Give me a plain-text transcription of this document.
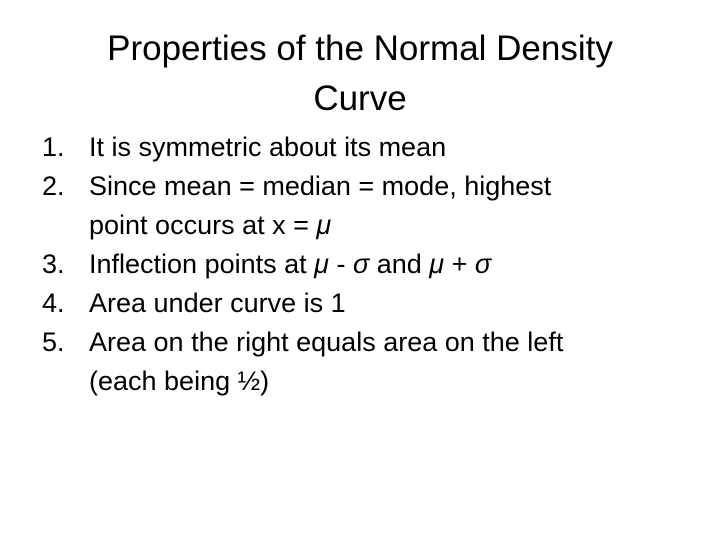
Properties of the Normal Density
Curve
1. It is symmetric about its mean
2. Since mean = median = mode, highest
point occurs at x = μ
3. Inflection points at μ - σ and μ + σ
4. Area under curve is 1
5. Area on the right equals area on the left
(each being ½)
